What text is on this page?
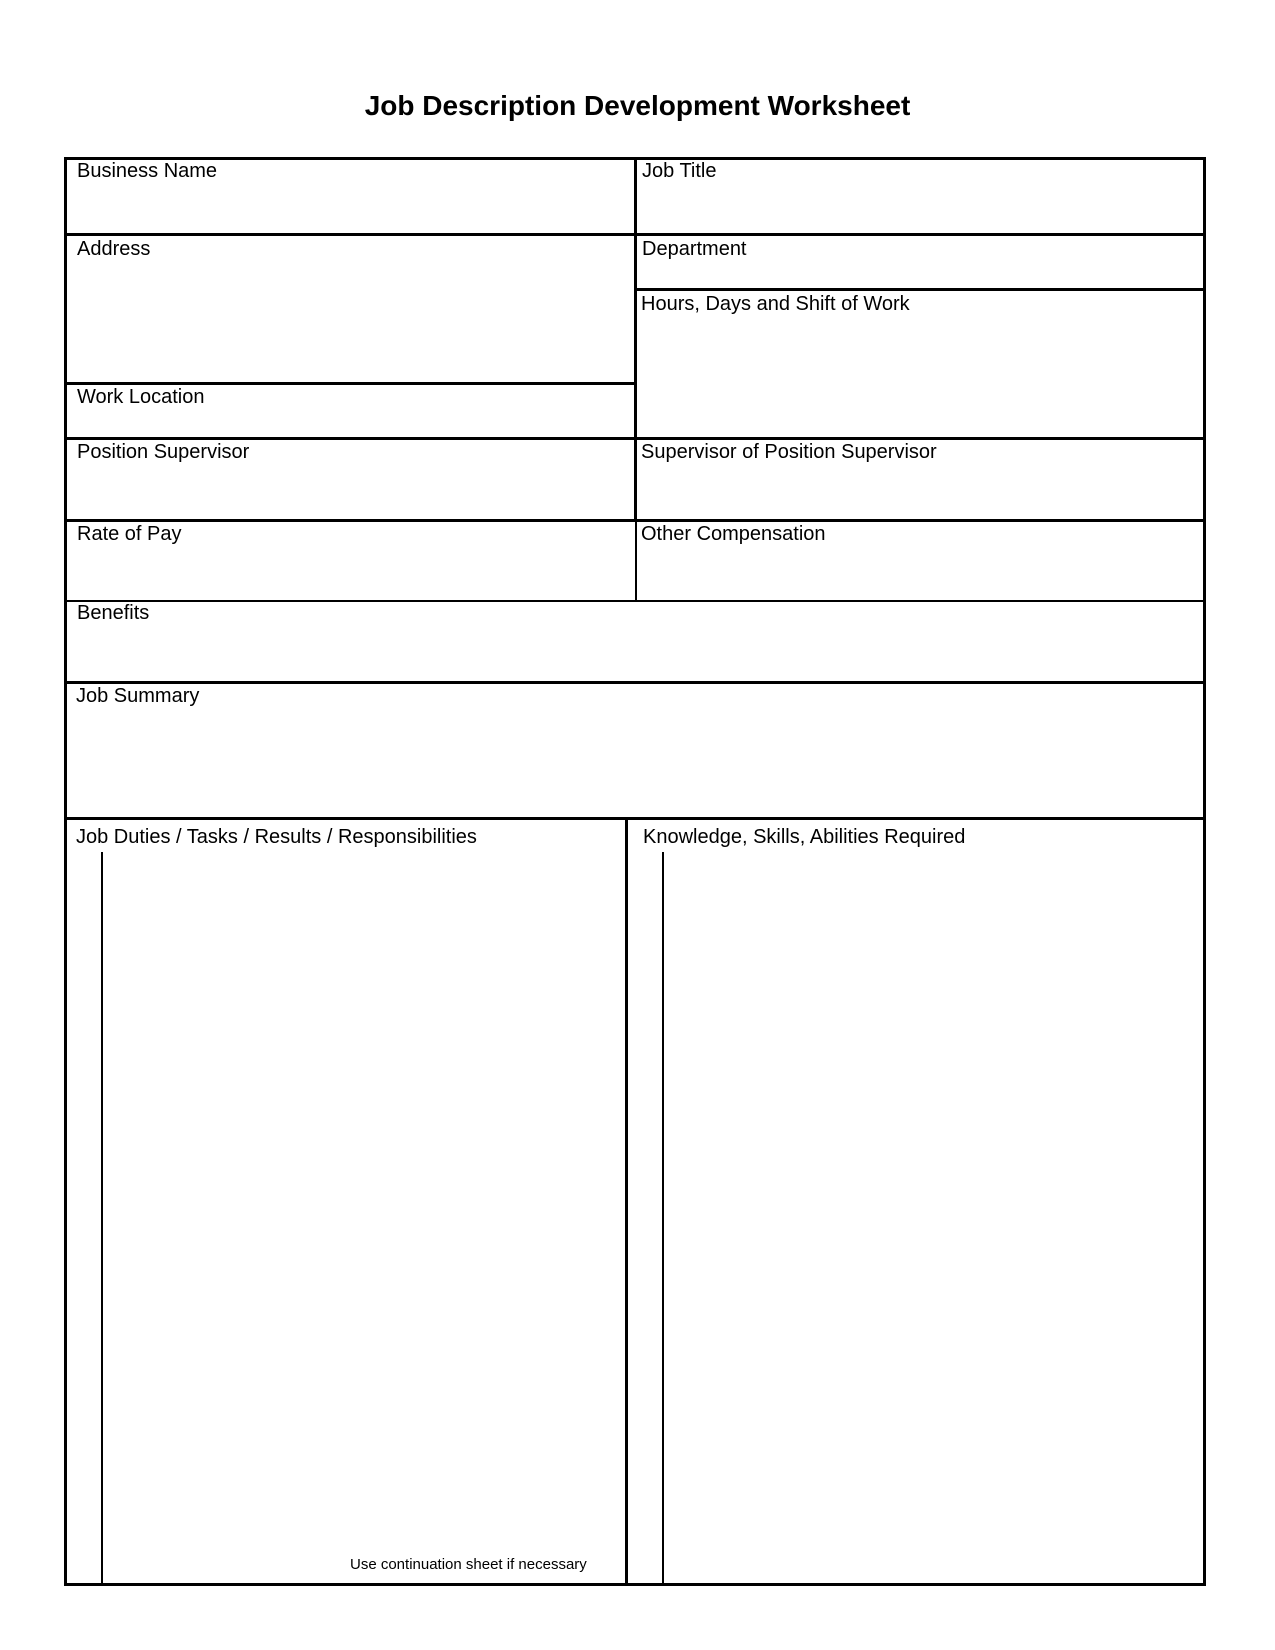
Job Description Development Worksheet
Business Name	Job Title
Address	Department
Hours, Days and Shift of Work
Work Location
Position Supervisor	Supervisor of Position Supervisor
Rate of Pay	Other Compensation
Benefits
Job Summary
Job Duties / Tasks / Results / Responsibilities	Knowledge, Skills, Abilities Required
Use continuation sheet if necessary
